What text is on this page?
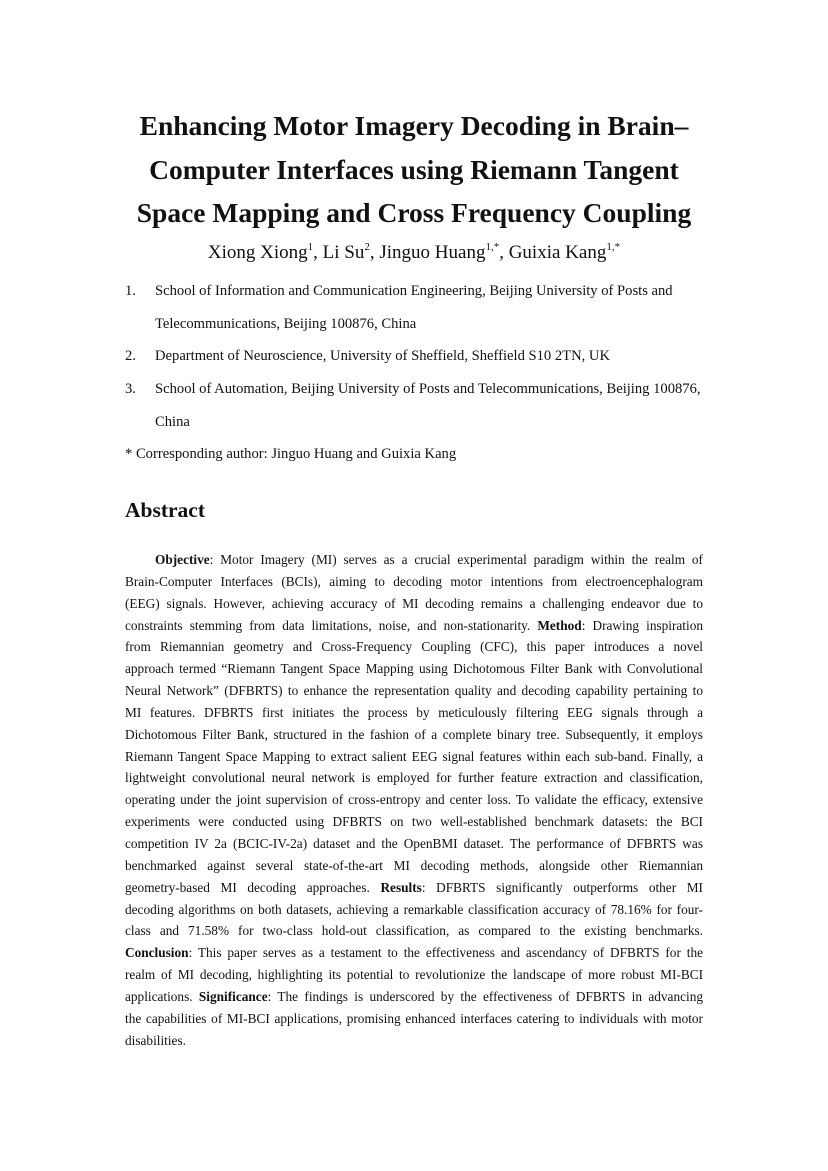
Enhancing Motor Imagery Decoding in Brain–
Computer Interfaces using Riemann Tangent
Space Mapping and Cross Frequency Coupling
Xiong Xiong$^1$, Li Su$^2$, Jinguo Huang$^{1,*}$, Guixia Kang$^{1,*}$
1. School of Information and Communication Engineering, Beijing University of Posts and
Telecommunications, Beijing 100876, China
2. Department of Neuroscience, University of Sheffield, Sheffield S10 2TN, UK
3. School of Automation, Beijing University of Posts and Telecommunications, Beijing 100876,
China
* Corresponding author: Jinguo Huang and Guixia Kang
Abstract
Objective: Motor Imagery (MI) serves as a crucial experimental paradigm within the realm of
Brain-Computer Interfaces (BCIs), aiming to decoding motor intentions from electroencephalogram
(EEG) signals. However, achieving accuracy of MI decoding remains a challenging endeavor due to
constraints stemming from data limitations, noise, and non-stationarity. Method: Drawing inspiration
from Riemannian geometry and Cross-Frequency Coupling (CFC), this paper introduces a novel
approach termed “Riemann Tangent Space Mapping using Dichotomous Filter Bank with Convolutional
Neural Network” (DFBRTS) to enhance the representation quality and decoding capability pertaining to
MI features. DFBRTS first initiates the process by meticulously filtering EEG signals through a
Dichotomous Filter Bank, structured in the fashion of a complete binary tree. Subsequently, it employs
Riemann Tangent Space Mapping to extract salient EEG signal features within each sub-band. Finally, a
lightweight convolutional neural network is employed for further feature extraction and classification,
operating under the joint supervision of cross-entropy and center loss. To validate the efficacy, extensive
experiments were conducted using DFBRTS on two well-established benchmark datasets: the BCI
competition IV 2a (BCIC-IV-2a) dataset and the OpenBMI dataset. The performance of DFBRTS was
benchmarked against several state-of-the-art MI decoding methods, alongside other Riemannian
geometry-based MI decoding approaches. Results: DFBRTS significantly outperforms other MI
decoding algorithms on both datasets, achieving a remarkable classification accuracy of 78.16% for four-
class and 71.58% for two-class hold-out classification, as compared to the existing benchmarks.
Conclusion: This paper serves as a testament to the effectiveness and ascendancy of DFBRTS for the
realm of MI decoding, highlighting its potential to revolutionize the landscape of more robust MI-BCI
applications. Significance: The findings is underscored by the effectiveness of DFBRTS in advancing
the capabilities of MI-BCI applications, promising enhanced interfaces catering to individuals with motor
disabilities.
